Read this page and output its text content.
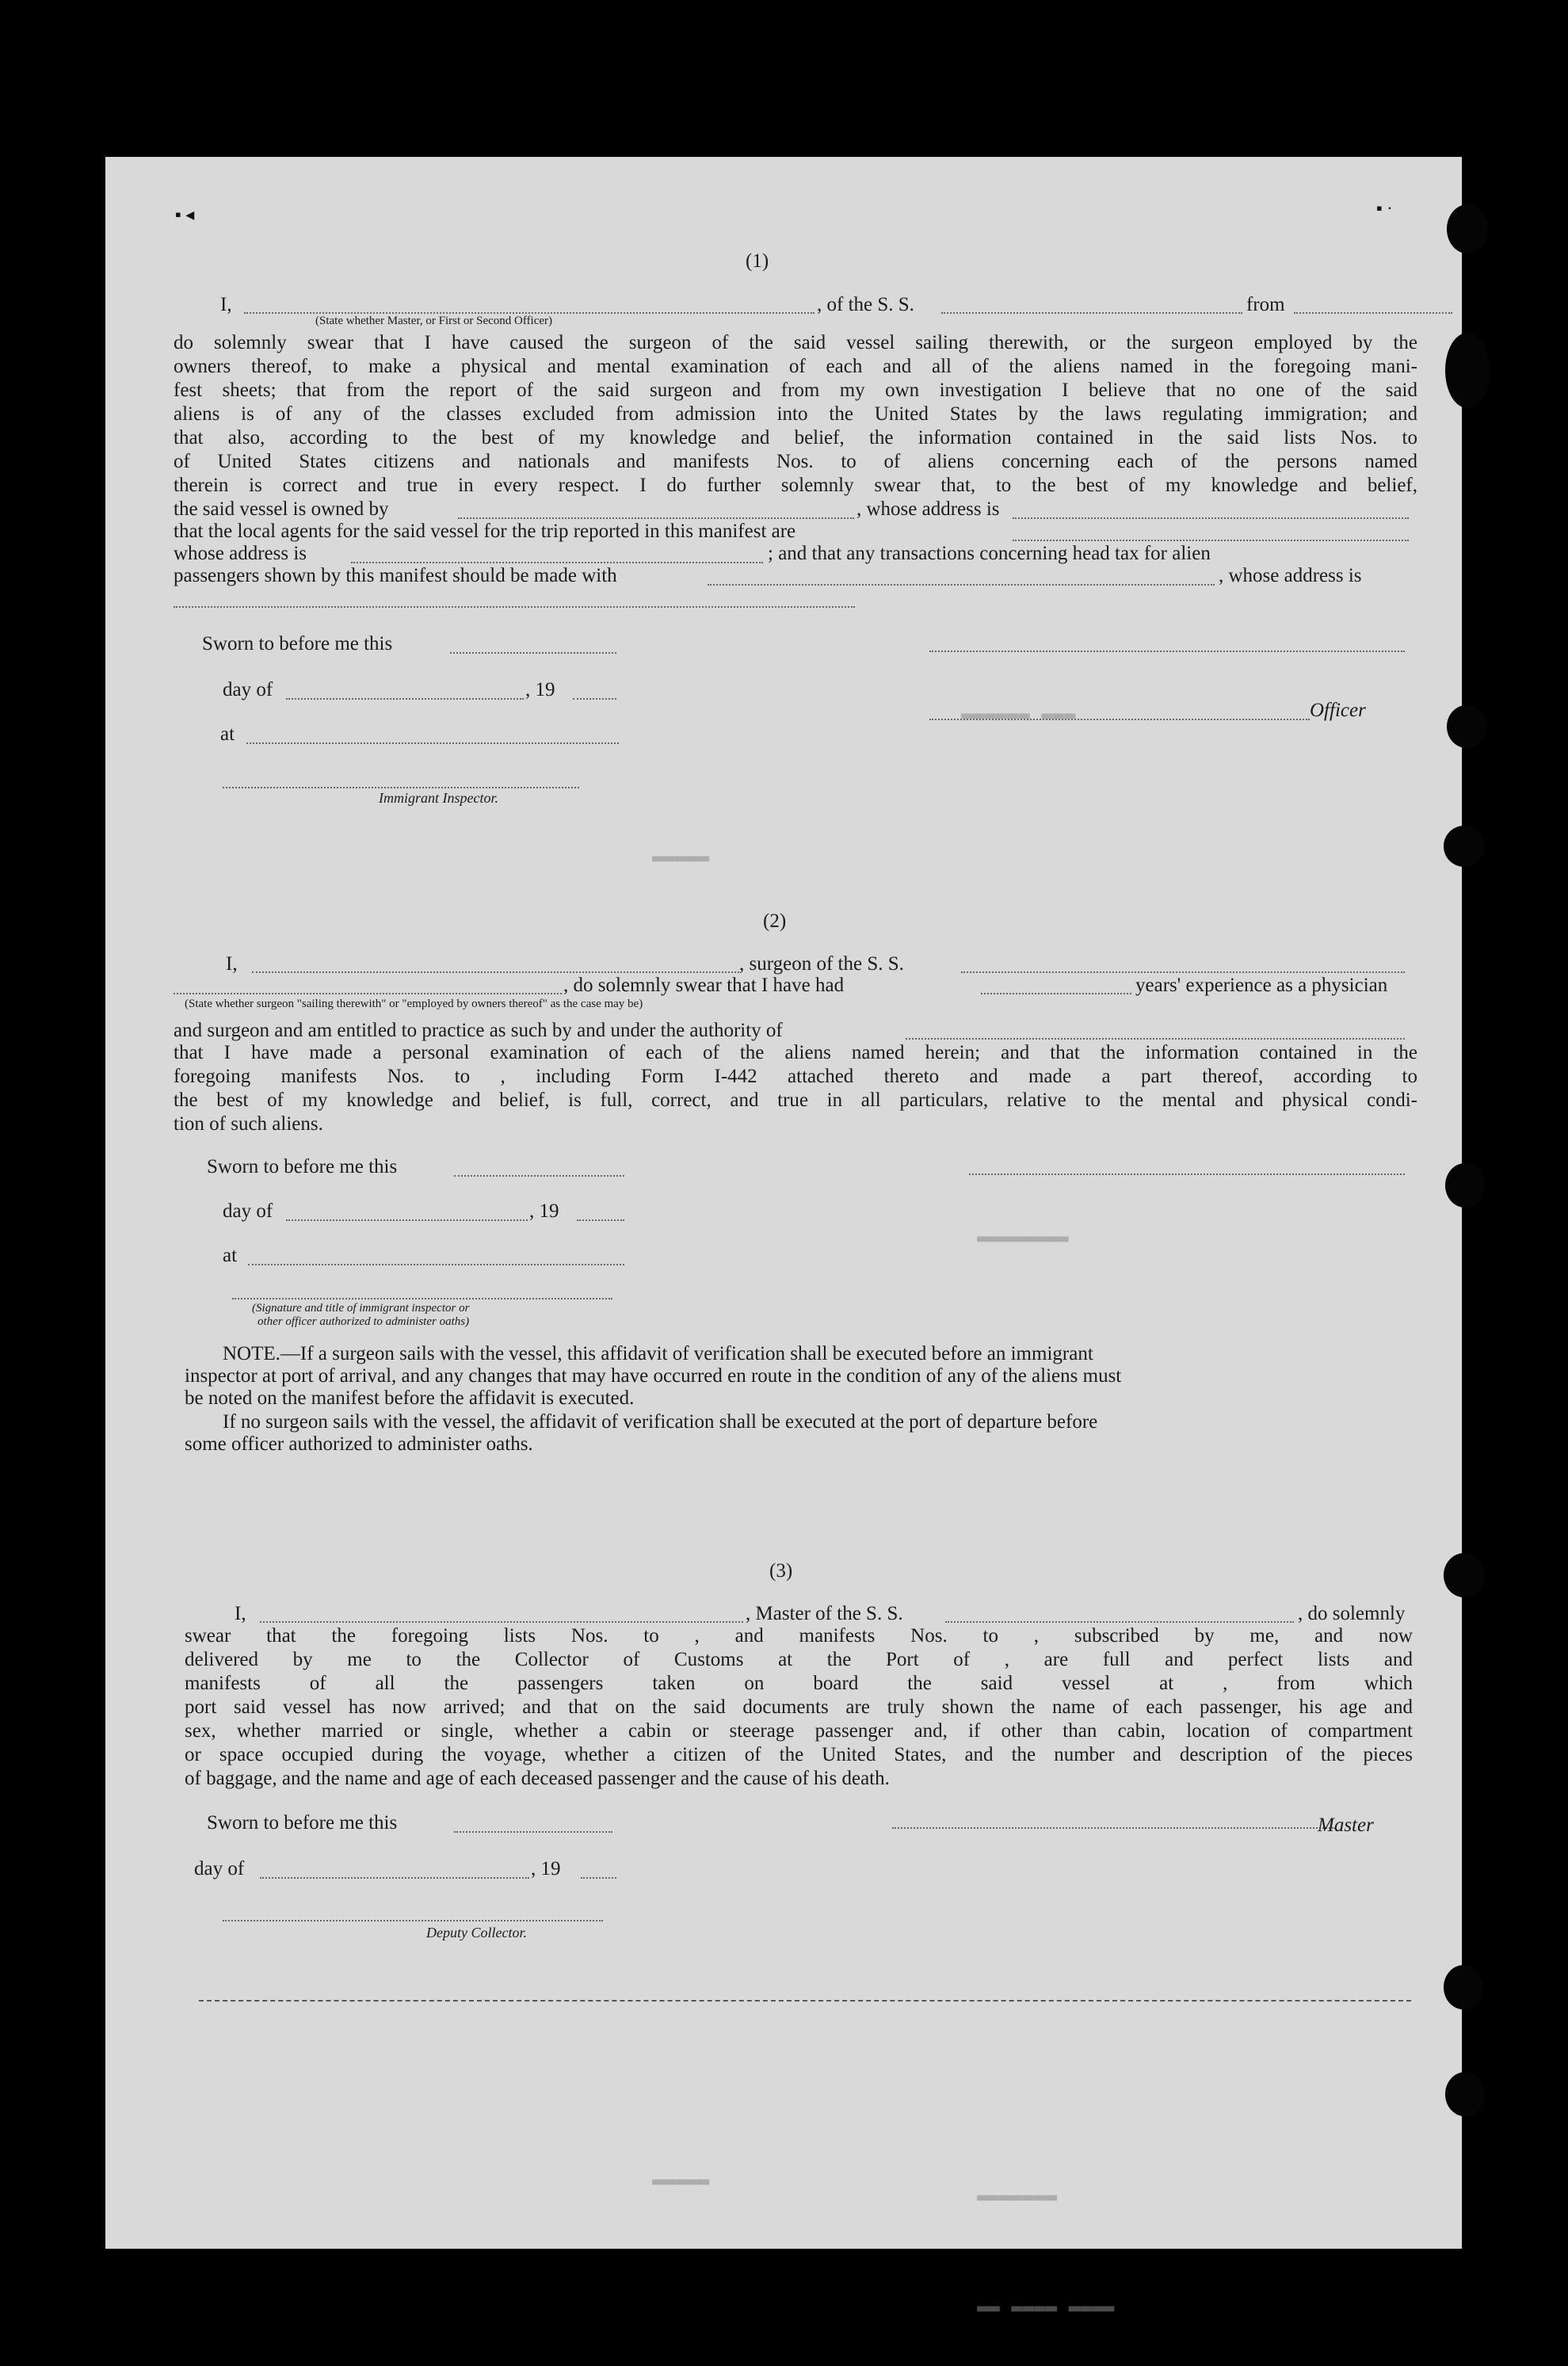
(1)
I,	, of the S. S.	from
(State whether Master, or First or Second Officer)
do solemnly swear that I have caused the surgeon of the said vessel sailing therewith, or the surgeon employed by the
owners thereof, to make a physical and mental examination of each and all of the aliens named in the foregoing mani-
fest sheets; that from the report of the said surgeon and from my own investigation I believe that no one of the said
aliens is of any of the classes excluded from admission into the United States by the laws regulating immigration; and
that also, according to the best of my knowledge and belief, the information contained in the said lists Nos. to
of United States citizens and nationals and manifests Nos. to of aliens concerning each of the persons named
therein is correct and true in every respect. I do further solemnly swear that, to the best of my knowledge and belief,
the said vessel is owned by	, whose address is
that the local agents for the said vessel for the trip reported in this manifest are
whose address is	; and that any transactions concerning head tax for alien
passengers shown by this manifest should be made with	, whose address is
Sworn to before me this
day of	, 19
at
Officer
Immigrant Inspector.
(2)
I,	, surgeon of the S. S.
, do solemnly swear that I have had	years' experience as a physician
(State whether surgeon "sailing therewith" or "employed by owners thereof" as the case may be)
and surgeon and am entitled to practice as such by and under the authority of
that I have made a personal examination of each of the aliens named herein; and that the information contained in the
foregoing manifests Nos. to , including Form I-442 attached thereto and made a part thereof, according to
the best of my knowledge and belief, is full, correct, and true in all particulars, relative to the mental and physical condi-
tion of such aliens.
Sworn to before me this
day of	, 19
at
(Signature and title of immigrant inspector or
other officer authorized to administer oaths)
NOTE.—If a surgeon sails with the vessel, this affidavit of verification shall be executed before an immigrant
inspector at port of arrival, and any changes that may have occurred en route in the condition of any of the aliens must
be noted on the manifest before the affidavit is executed.
If no surgeon sails with the vessel, the affidavit of verification shall be executed at the port of departure before
some officer authorized to administer oaths.
(3)
I,	, Master of the S. S.	, do solemnly
swear that the foregoing lists Nos. to , and manifests Nos. to , subscribed by me, and now
delivered by me to the Collector of Customs at the Port of , are full and perfect lists and
manifests of all the passengers taken on board the said vessel at , from which
port said vessel has now arrived; and that on the said documents are truly shown the name of each passenger, his age and
sex, whether married or single, whether a cabin or steerage passenger and, if other than cabin, location of compartment
or space occupied during the voyage, whether a citizen of the United States, and the number and description of the pieces
of baggage, and the name and age of each deceased passenger and the cause of his death.
Sworn to before me this	Master
day of	, 19
Deputy Collector.
▬▬▬ ▬▬▬▬▬▬
▬▬▬▬▬
▬▬▬▬▬▬▬▬
▬▬▬▬▬
▬▬▬▬▬▬▬
▬▬▬▬ ▬▬▬▬ ▬▬
▪ ◂	▪ ·
